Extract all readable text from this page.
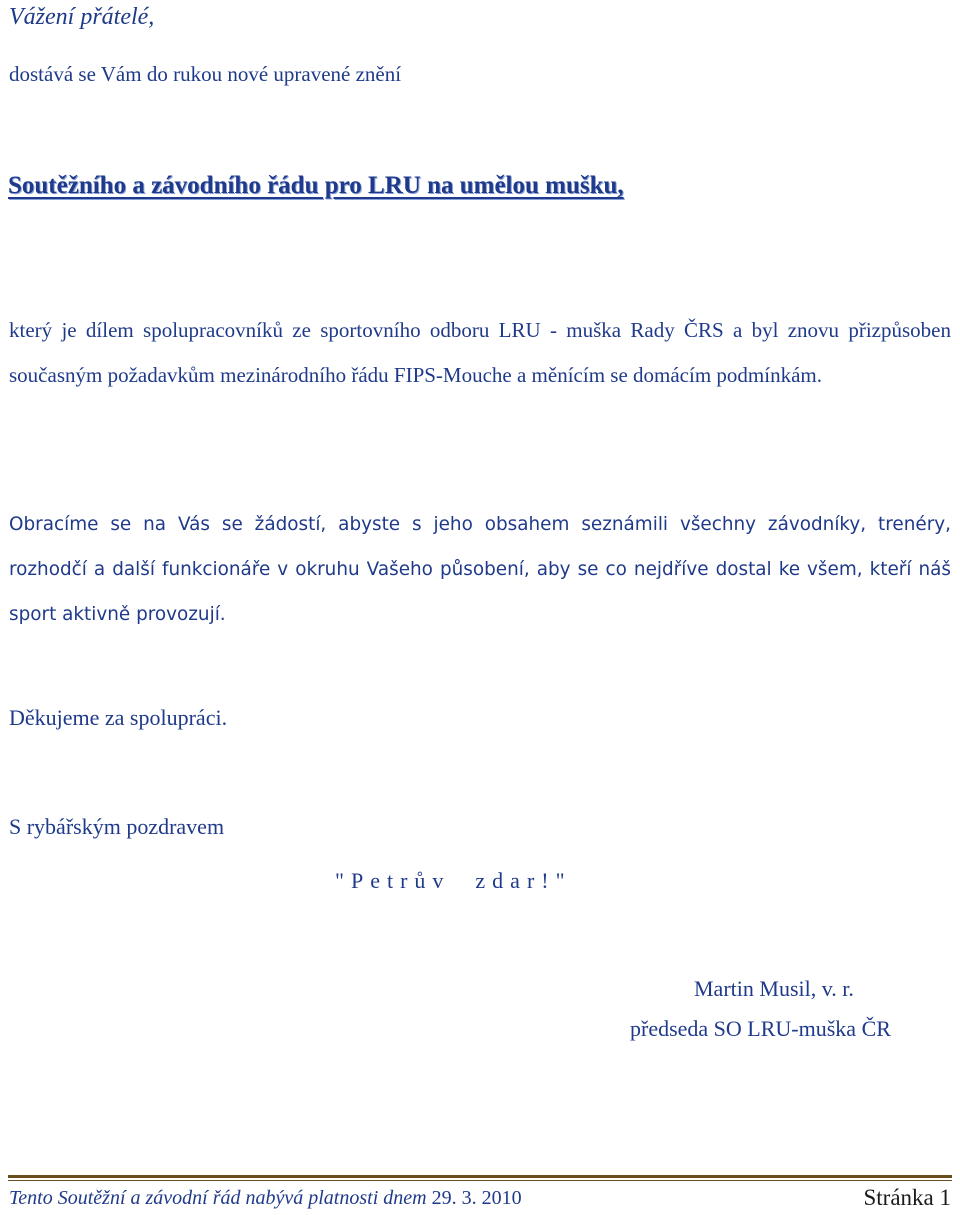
Vážení přátelé,

dostává se Vám do rukou nové upravené znění

Soutěžního a závodního řádu pro LRU na umělou mušku,

který je dílem spolupracovníků ze sportovního odboru LRU - muška Rady ČRS a byl znovu přizpůsoben současným požadavkům mezinárodního řádu FIPS-Mouche a měnícím se domácím podmínkám.

Obracíme se na Vás se žádostí, abyste s jeho obsahem seznámili všechny závodníky, trenéry, rozhodčí a další funkcionáře v okruhu Vašeho působení, aby se co nejdříve dostal ke všem, kteří náš sport aktivně provozují.

Děkujeme za spolupráci.

S rybářským pozdravem

"Petrův  zdar!"

Martin Musil, v. r.

předseda SO LRU-muška ČR

Tento Soutěžní a závodní řád nabývá platnosti dnem 29. 3. 2010	Stránka 1
